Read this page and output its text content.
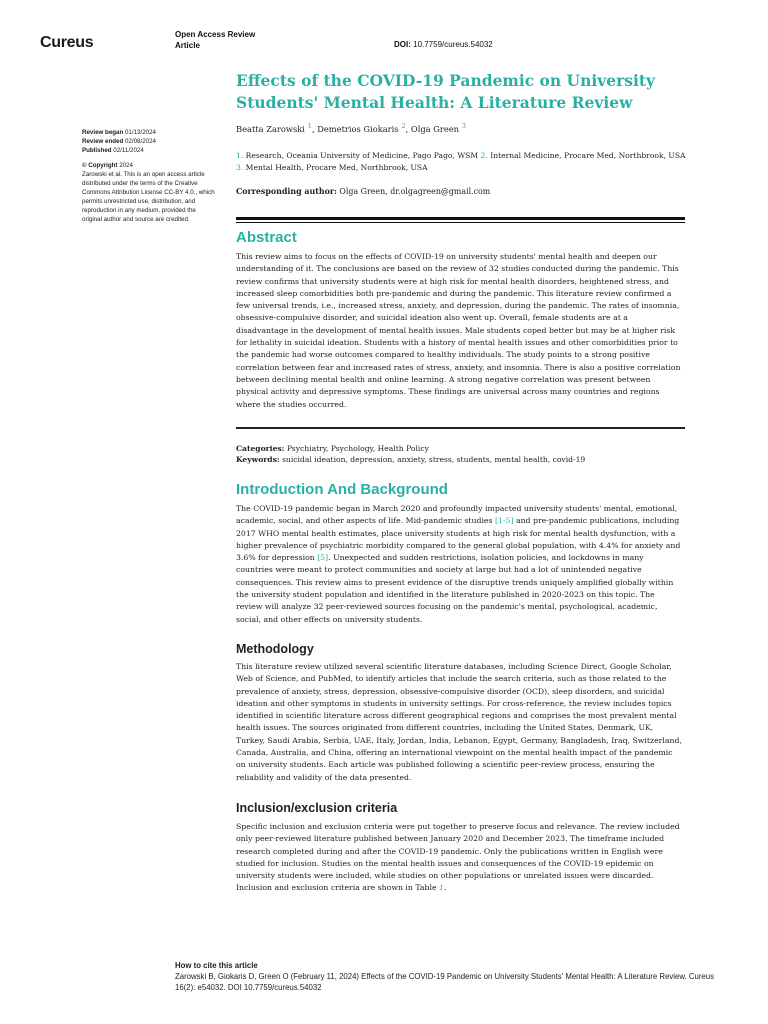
Cureus	Open Access Review
Article	DOI: 10.7759/cureus.54032
Effects of the COVID-19 Pandemic on University Students' Mental Health: A Literature Review
Beatta Zarowski $^1$, Demetrios Giokaris $^2$, Olga Green $^3$
1. Research, Oceania University of Medicine, Pago Pago, WSM 2. Internal Medicine, Procare Med, Northbrook, USA 3. Mental Health, Procare Med, Northbrook, USA
Corresponding author: Olga Green, dr.olgagreen@gmail.com
Review began 01/13/2024
Review ended 02/08/2024
Published 02/11/2024
© Copyright 2024
Zarowski et al. This is an open access article distributed under the terms of the Creative Commons Attribution License CC-BY 4.0., which permits unrestricted use, distribution, and reproduction in any medium, provided the original author and source are credited.
Abstract

This review aims to focus on the effects of COVID-19 on university students' mental health and deepen our understanding of it. The conclusions are based on the review of 32 studies conducted during the pandemic. This review confirms that university students were at high risk for mental health disorders, heightened stress, and increased sleep comorbidities both pre-pandemic and during the pandemic. This literature review confirmed a few universal trends, i.e., increased stress, anxiety, and depression, during the pandemic. The rates of insomnia, obsessive-compulsive disorder, and suicidal ideation also went up. Overall, female students are at a disadvantage in the development of mental health issues. Male students coped better but may be at higher risk for lethality in suicidal ideation. Students with a history of mental health issues and other comorbidities prior to the pandemic had worse outcomes compared to healthy individuals. The study points to a strong positive correlation between fear and increased rates of stress, anxiety, and insomnia. There is also a positive correlation between declining mental health and online learning. A strong negative correlation was present between physical activity and depressive symptoms. These findings are universal across many countries and regions where the studies occurred.

Categories: Psychiatry, Psychology, Health Policy
Keywords: suicidal ideation, depression, anxiety, stress, students, mental health, covid-19
Introduction And Background

The COVID-19 pandemic began in March 2020 and profoundly impacted university students' mental, emotional, academic, social, and other aspects of life. Mid-pandemic studies [1-5] and pre-pandemic publications, including 2017 WHO mental health estimates, place university students at high risk for mental health dysfunction, with a higher prevalence of psychiatric morbidity compared to the general global population, with 4.4% for anxiety and 3.6% for depression [5]. Unexpected and sudden restrictions, isolation policies, and lockdowns in many countries were meant to protect communities and society at large but had a lot of unintended negative consequences. This review aims to present evidence of the disruptive trends uniquely amplified globally within the university student population and identified in the literature published in 2020-2023 on this topic. The review will analyze 32 peer-reviewed sources focusing on the pandemic's mental, psychological, academic, social, and other effects on university students.

Methodology

This literature review utilized several scientific literature databases, including Science Direct, Google Scholar, Web of Science, and PubMed, to identify articles that include the search criteria, such as those related to the prevalence of anxiety, stress, depression, obsessive-compulsive disorder (OCD), sleep disorders, and suicidal ideation and other symptoms in students in university settings. For cross-reference, the review includes topics identified in scientific literature across different geographical regions and comprises the most prevalent mental health issues. The sources originated from different countries, including the United States, Denmark, UK, Turkey, Saudi Arabia, Serbia, UAE, Italy, Jordan, India, Lebanon, Egypt, Germany, Bangladesh, Iraq, Switzerland, Canada, Australia, and China, offering an international viewpoint on the mental health impact of the pandemic on university students. Each article was published following a scientific peer-review process, ensuring the reliability and validity of the data presented.

Inclusion/exclusion criteria

Specific inclusion and exclusion criteria were put together to preserve focus and relevance. The review included only peer-reviewed literature published between January 2020 and December 2023. The timeframe included research completed during and after the COVID-19 pandemic. Only the publications written in English were studied for inclusion. Studies on the mental health issues and consequences of the COVID-19 epidemic on university students were included, while studies on other populations or unrelated issues were discarded. Inclusion and exclusion criteria are shown in Table 1.

How to cite this article
Zarowski B, Giokaris D, Green O (February 11, 2024) Effects of the COVID-19 Pandemic on University Students' Mental Health: A Literature Review. Cureus 16(2): e54032. DOI 10.7759/cureus.54032
